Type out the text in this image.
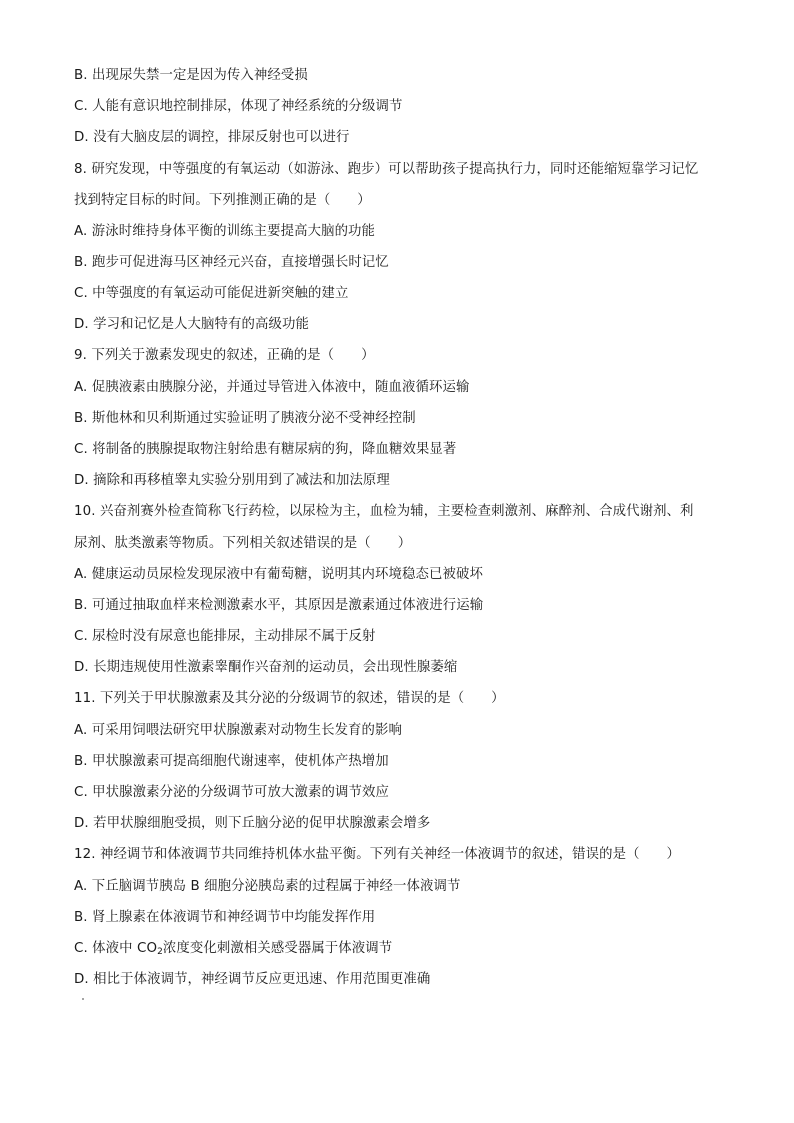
B. 出现尿失禁一定是因为传入神经受损
C. 人能有意识地控制排尿，体现了神经系统的分级调节
D. 没有大脑皮层的调控，排尿反射也可以进行
8. 研究发现，中等强度的有氧运动（如游泳、跑步）可以帮助孩子提高执行力，同时还能缩短靠学习记忆
找到特定目标的时间。下列推测正确的是（　　）
A. 游泳时维持身体平衡的训练主要提高大脑的功能
B. 跑步可促进海马区神经元兴奋，直接增强长时记忆
C. 中等强度的有氧运动可能促进新突触的建立
D. 学习和记忆是人大脑特有的高级功能
9. 下列关于激素发现史的叙述，正确的是（　　）
A. 促胰液素由胰腺分泌，并通过导管进入体液中，随血液循环运输
B. 斯他林和贝利斯通过实验证明了胰液分泌不受神经控制
C. 将制备的胰腺提取物注射给患有糖尿病的狗，降血糖效果显著
D. 摘除和再移植睾丸实验分别用到了减法和加法原理
10. 兴奋剂赛外检查简称飞行药检，以尿检为主，血检为辅，主要检查刺激剂、麻醉剂、合成代谢剂、利
尿剂、肽类激素等物质。下列相关叙述错误的是（　　）
A. 健康运动员尿检发现尿液中有葡萄糖，说明其内环境稳态已被破坏
B. 可通过抽取血样来检测激素水平，其原因是激素通过体液进行运输
C. 尿检时没有尿意也能排尿，主动排尿不属于反射
D. 长期违规使用性激素睾酮作兴奋剂的运动员，会出现性腺萎缩
11. 下列关于甲状腺激素及其分泌的分级调节的叙述，错误的是（　　）
A. 可采用饲喂法研究甲状腺激素对动物生长发育的影响
B. 甲状腺激素可提高细胞代谢速率，使机体产热增加
C. 甲状腺激素分泌的分级调节可放大激素的调节效应
D. 若甲状腺细胞受损，则下丘脑分泌的促甲状腺激素会增多
12. 神经调节和体液调节共同维持机体水盐平衡。下列有关神经一体液调节的叙述，错误的是（　　）
A. 下丘脑调节胰岛 B 细胞分泌胰岛素的过程属于神经一体液调节
B. 肾上腺素在体液调节和神经调节中均能发挥作用
C. 体液中 $CO_2$浓度变化刺激相关感受器属于体液调节
D. 相比于体液调节，神经调节反应更迅速、作用范围更准确
